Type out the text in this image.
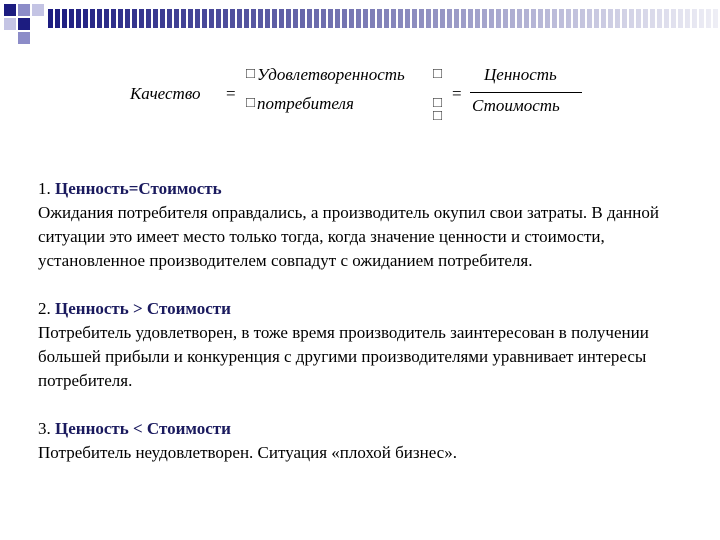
Качество =
□
□
Удовлетворенность
потребителя
□
□
□
=
Ценность
Стоимость
1. Ценность=Стоимость
Ожидания потребителя оправдались, а производитель окупил свои затраты. В данной ситуации это имеет место только тогда, когда значение ценности и стоимости, установленное производителем совпадут с ожиданием потребителя.
2. Ценность > Стоимости
Потребитель удовлетворен, в тоже время производитель заинтересован в получении большей прибыли и конкуренция с другими производителями уравнивает интересы потребителя.
3. Ценность < Стоимости
Потребитель неудовлетворен. Ситуация «плохой бизнес».
